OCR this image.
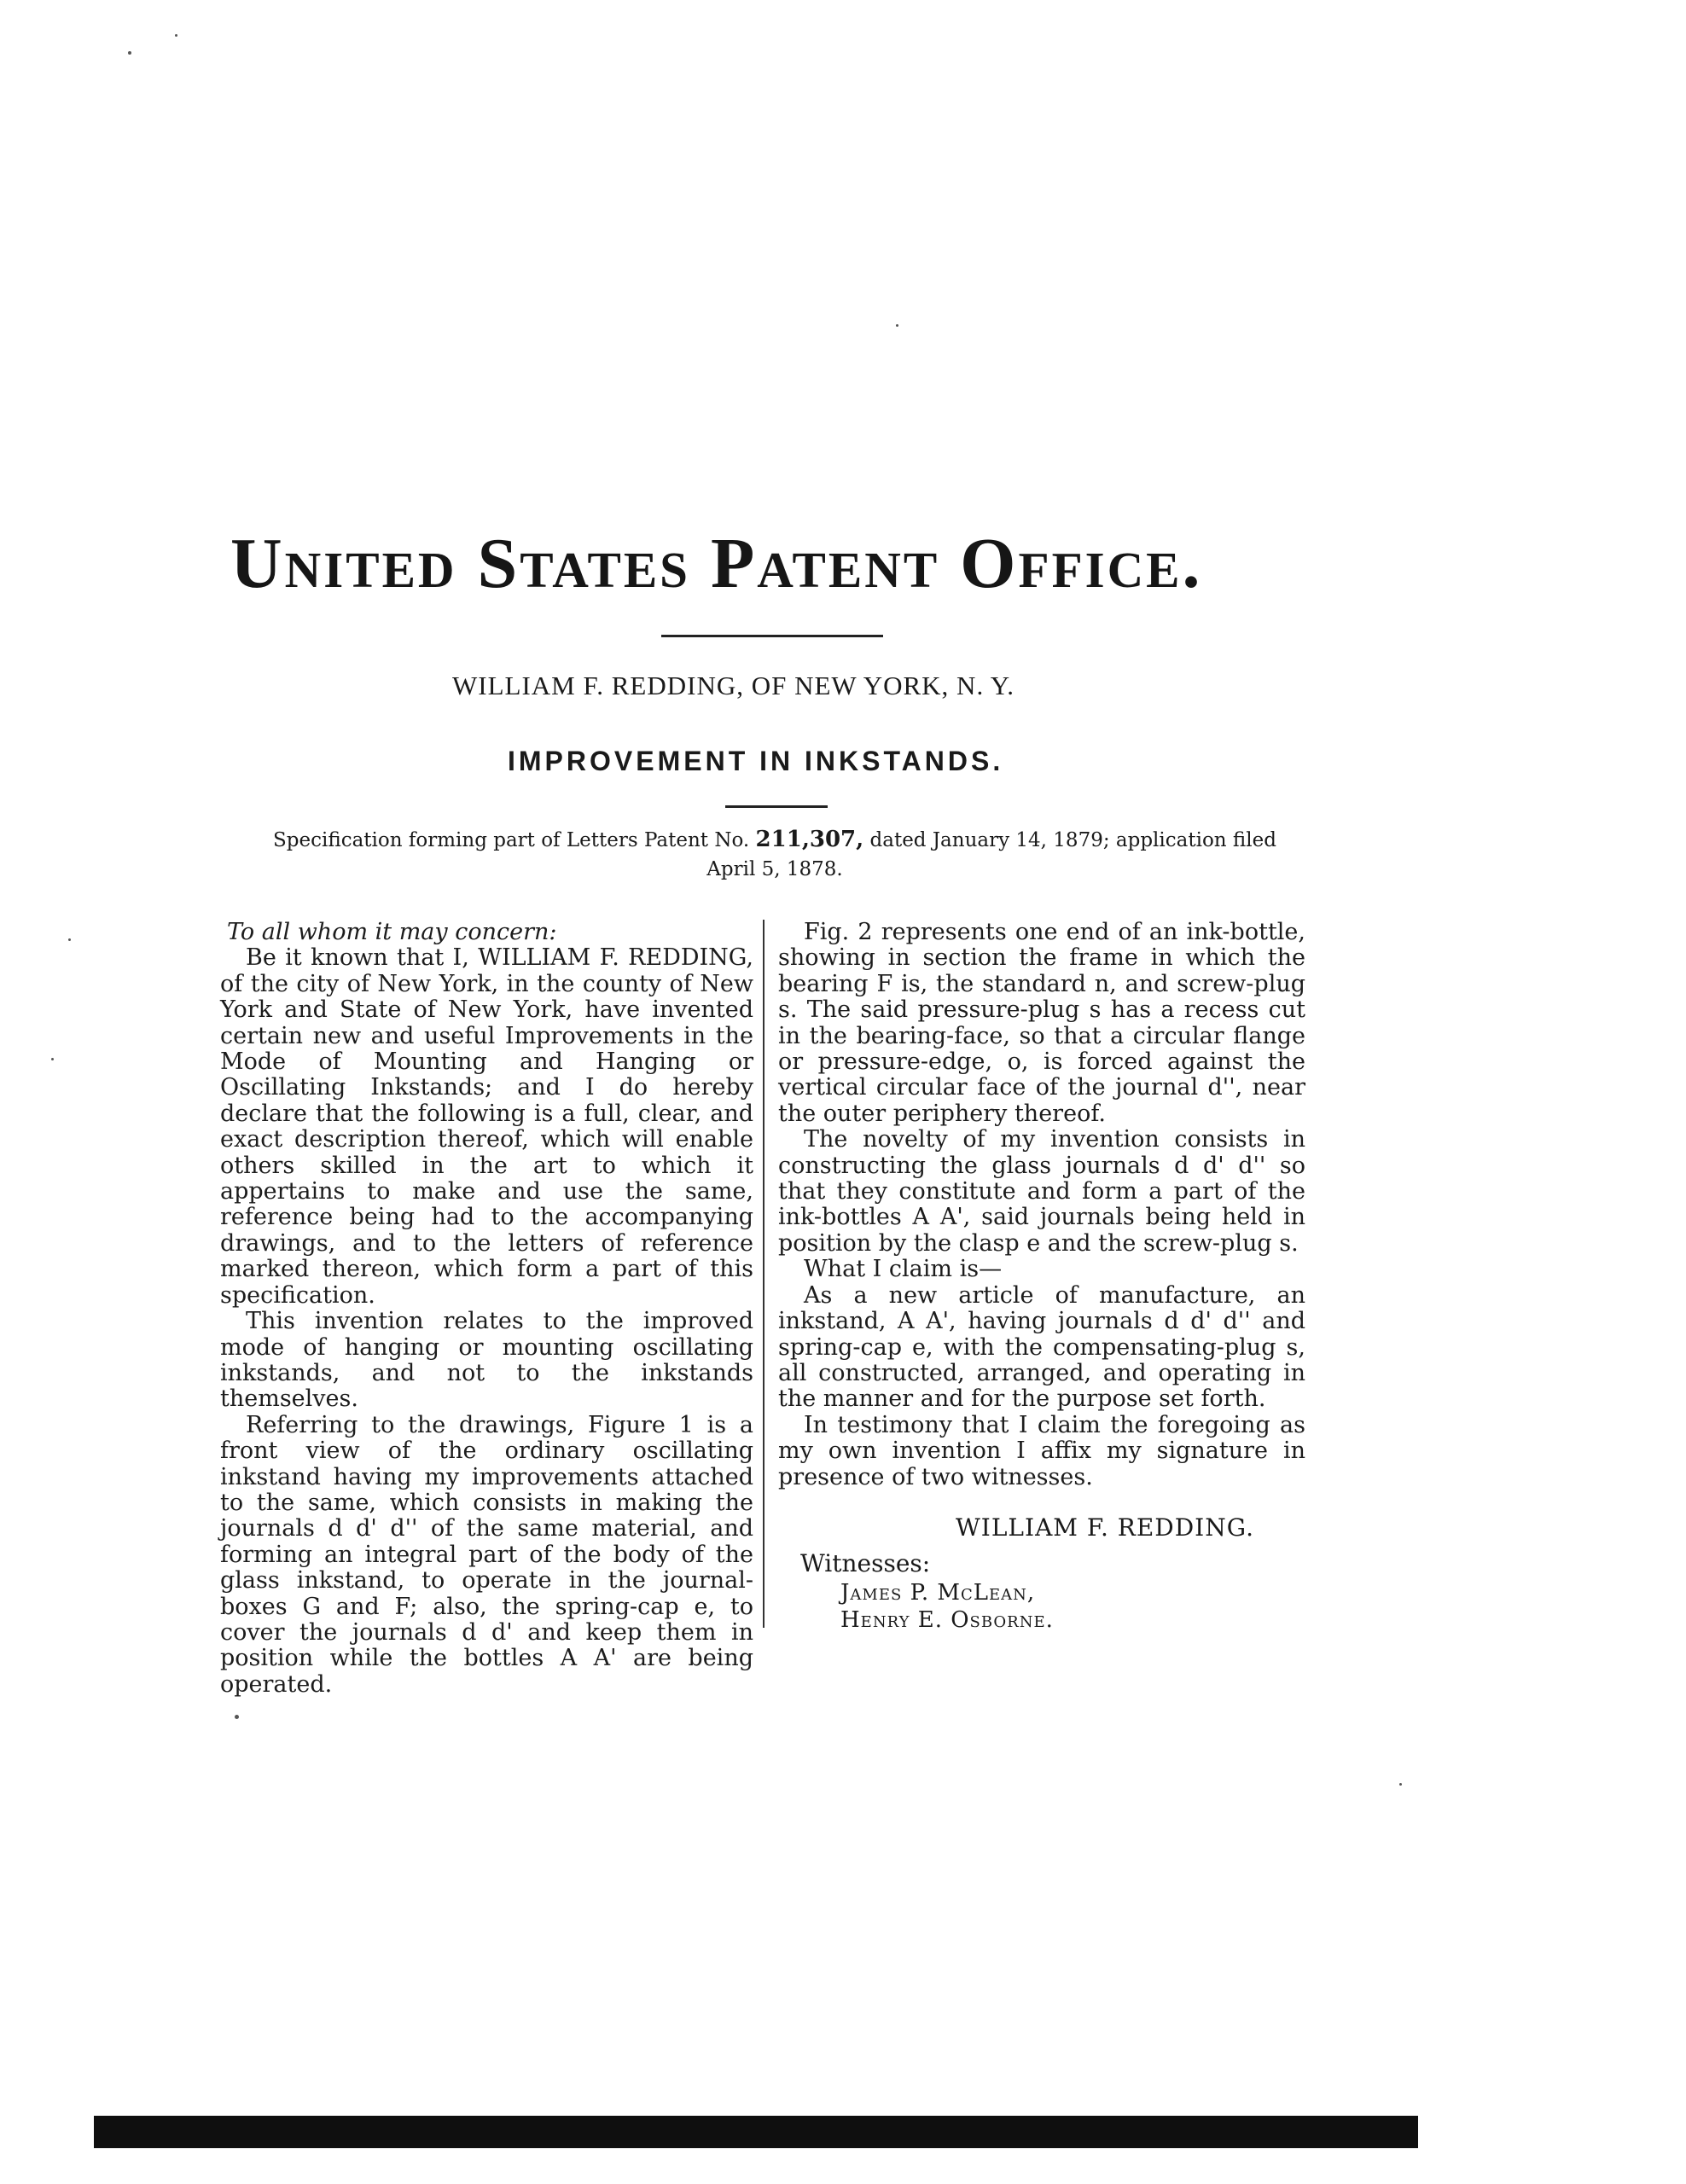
United States Patent Office.
WILLIAM F. REDDING, OF NEW YORK, N. Y.
IMPROVEMENT IN INKSTANDS.
Specification forming part of Letters Patent No. 211,307, dated January 14, 1879; application filed April 5, 1878.

To all whom it may concern:

Be it known that I, WILLIAM F. REDDING, of the city of New York, in the county of New York and State of New York, have invented certain new and useful Improvements in the Mode of Mounting and Hanging or Oscillating Inkstands; and I do hereby declare that the following is a full, clear, and exact description thereof, which will enable others skilled in the art to which it appertains to make and use the same, reference being had to the accompanying drawings, and to the letters of reference marked thereon, which form a part of this specification.

This invention relates to the improved mode of hanging or mounting oscillating inkstands, and not to the inkstands themselves.

Referring to the drawings, Figure 1 is a front view of the ordinary oscillating inkstand having my improvements attached to the same, which consists in making the journals d d' d'' of the same material, and forming an integral part of the body of the glass inkstand, to operate in the journal-boxes G and F; also, the spring-cap e, to cover the journals d d' and keep them in position while the bottles A A' are being operated.

Fig. 2 represents one end of an ink-bottle, showing in section the frame in which the bearing F is, the standard n, and screw-plug s. The said pressure-plug s has a recess cut in the bearing-face, so that a circular flange or pressure-edge, o, is forced against the vertical circular face of the journal d'', near the outer periphery thereof.

The novelty of my invention consists in constructing the glass journals d d' d'' so that they constitute and form a part of the ink-bottles A A', said journals being held in position by the clasp e and the screw-plug s.

What I claim is—

As a new article of manufacture, an inkstand, A A', having journals d d' d'' and spring-cap e, with the compensating-plug s, all constructed, arranged, and operating in the manner and for the purpose set forth.

In testimony that I claim the foregoing as my own invention I affix my signature in presence of two witnesses.

WILLIAM F. REDDING.
Witnesses:
James P. McLean,
Henry E. Osborne.
